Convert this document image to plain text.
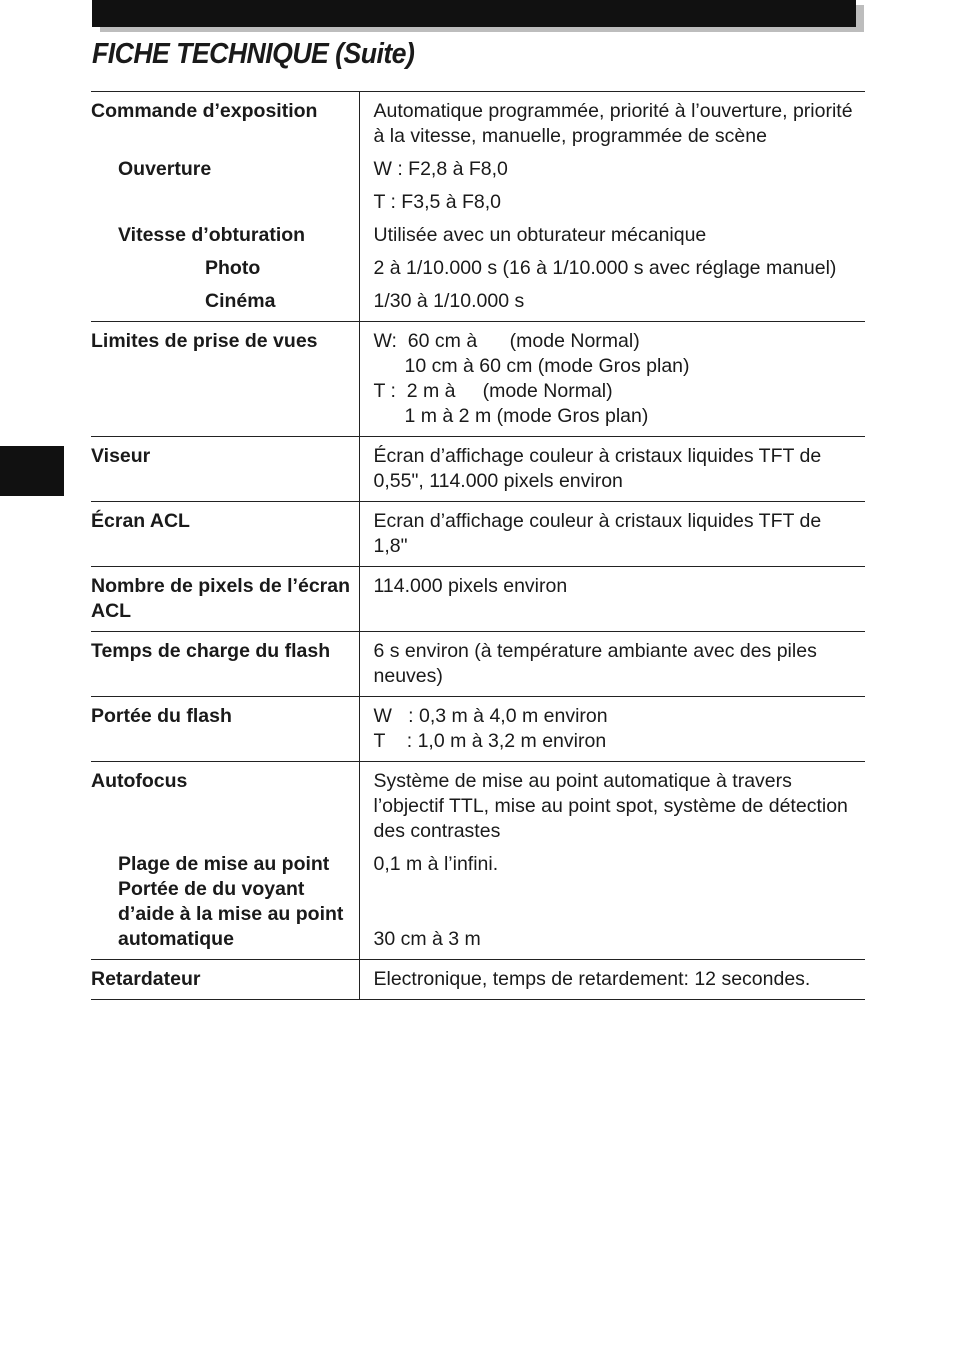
FICHE TECHNIQUE (Suite)
Commande d’exposition	Automatique programmée, priorité à l’ouverture, priorité
à la vitesse, manuelle, programmée de scène

Ouverture	W : F2,8 à F8,0
	T : F3,5 à F8,0
Vitesse d’obturation	Utilisée avec un obturateur mécanique
Photo	2 à 1/10.000 s (16 à 1/10.000 s avec réglage manuel)
Cinéma	1/30 à 1/10.000 s
Limites de prise de vues	W:  60 cm à      (mode Normal)
10 cm à 60 cm (mode Gros plan)
T :  2 m à     (mode Normal)
1 m à 2 m (mode Gros plan)

Viseur	Écran d’affichage couleur à cristaux liquides TFT de
0,55", 114.000 pixels environ

Écran ACL	Ecran d’affichage couleur à cristaux liquides TFT de
1,8"

Nombre de pixels de l’écran
ACL	114.000 pixels environ
Temps de charge du flash	6 s environ (à température ambiante avec des piles
neuves)

Portée du flash	W   : 0,3 m à 4,0 m environ
T    : 1,0 m à 3,2 m environ

Autofocus	Système de mise au point automatique à travers
l’objectif TTL, mise au point spot, système de détection
des contrastes

Plage de mise au point	0,1 m à l’infini.

Portée de du voyant
d’aide à la mise au point
automatique	30 cm à 3 m
Retardateur	Electronique, temps de retardement: 12 secondes.
